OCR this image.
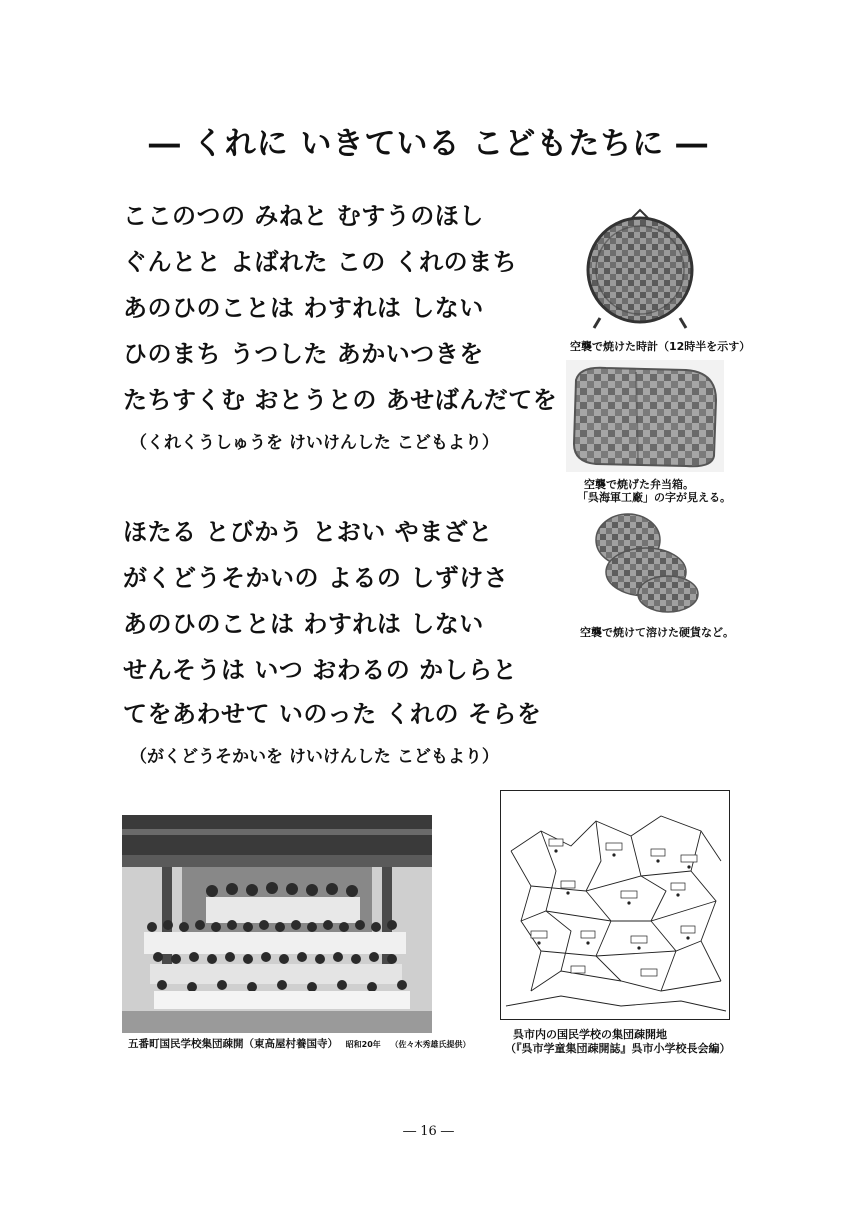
― くれに いきている こどもたちに ―
ここのつの みねと むすうのほし
ぐんとと よばれた この くれのまち
あのひのことは わすれは しない
ひのまち うつした あかいつきを
たちすくむ おとうとの あせばんだてを
（くれくうしゅうを けいけんした こどもより）
ほたる とびかう とおい やまざと
がくどうそかいの よるの しずけさ
あのひのことは わすれは しない
せんそうは いつ おわるの かしらと
てをあわせて いのった くれの そらを
（がくどうそかいを けいけんした こどもより）
空襲で焼けた時計（12時半を示す）
空襲で焼げた弁当箱。
「呉海軍工廠」の字が見える。
空襲で焼けて溶けた硬貨など。
五番町国民学校集団疎開（東高屋村養国寺） 昭和20年 （佐々木秀雄氏提供）
呉市内の国民学校の集団疎開地
（『呉市学童集団疎開誌』呉市小学校長会編）
― 16 ―
